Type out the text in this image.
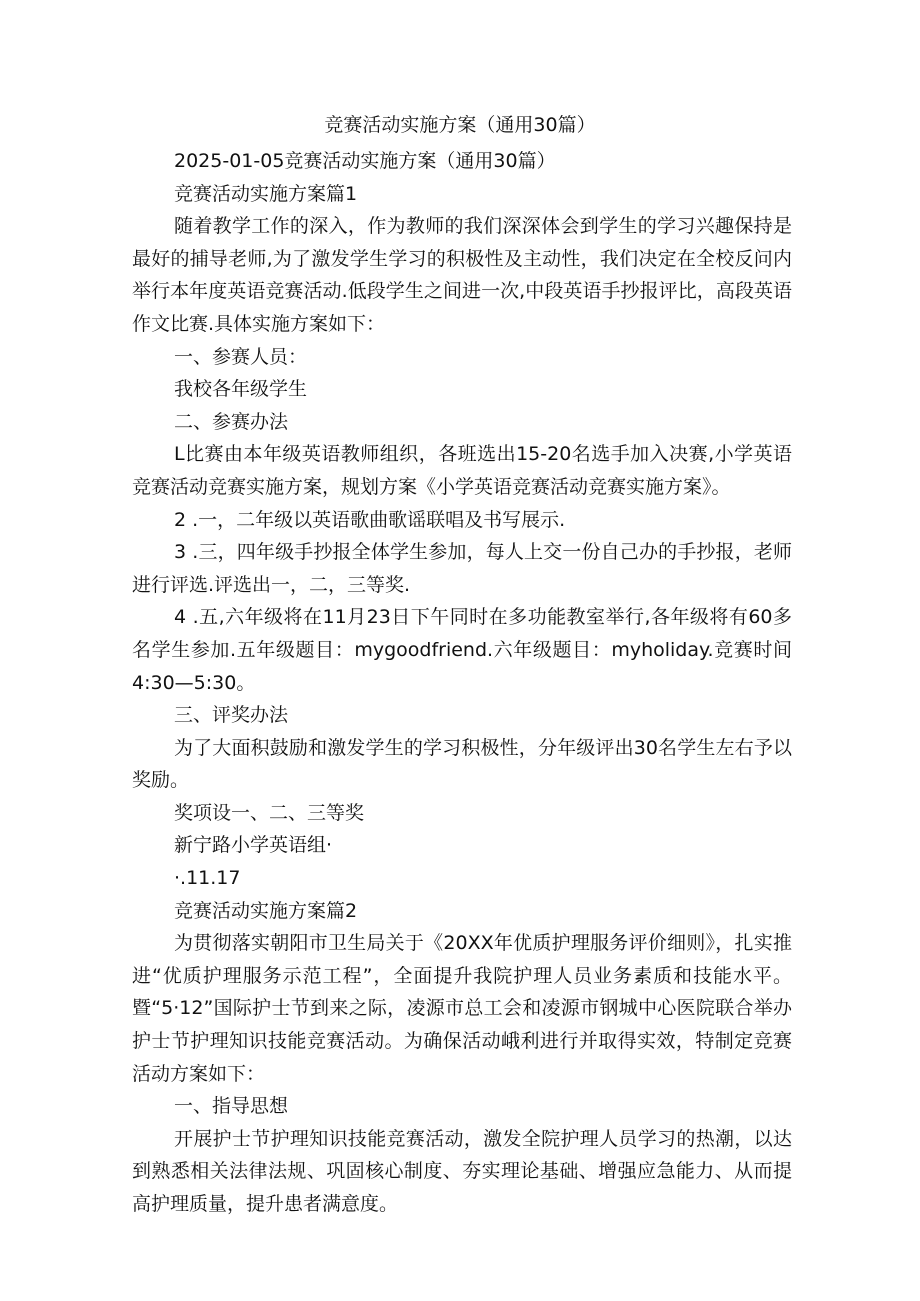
竞赛活动实施方案（通用30篇）

2025-01-05竞赛活动实施方案（通用30篇）

竞赛活动实施方案篇1

随着教学工作的深入，作为教师的我们深深体会到学生的学习兴趣保持是最好的捕导老师,为了激发学生学习的积极性及主动性，我们决定在全校反问内举行本年度英语竞赛活动.低段学生之间进一次,中段英语手抄报评比，高段英语作文比赛.具体实施方案如下：

一、参赛人员：

我校各年级学生

二、参赛办法

L比赛由本年级英语教师组织，各班选出15-20名选手加入决赛,小学英语竞赛活动竞赛实施方案，规划方案《小学英语竞赛活动竞赛实施方案》。

2 .一，二年级以英语歌曲歌谣联唱及书写展示.

3 .三，四年级手抄报全体学生参加，每人上交一份自己办的手抄报，老师进行评选.评选出一，二，三等奖.

4 .五,六年级将在11月23日下午同时在多功能教室举行,各年级将有60多名学生参加.五年级题目：mygoodfriend.六年级题目：myholiday.竞赛时间4:30—5:30。

三、评奖办法

为了大面积鼓励和激发学生的学习积极性，分年级评出30名学生左右予以奖励。

奖项设一、二、三等奖

新宁路小学英语组·

·.11.17

竞赛活动实施方案篇2

为贯彻落实朝阳市卫生局关于《20XX年优质护理服务评价细则》，扎实推进“优质护理服务示范工程”，全面提升我院护理人员业务素质和技能水平。暨“5·12”国际护士节到来之际，凌源市总工会和凌源市钢城中心医院联合举办护士节护理知识技能竞赛活动。为确保活动峨利进行并取得实效，特制定竞赛活动方案如下：

一、指导思想

开展护士节护理知识技能竞赛活动，激发全院护理人员学习的热潮，以达到熟悉相关法律法规、巩固核心制度、夯实理论基础、增强应急能力、从而提高护理质量，提升患者满意度。
